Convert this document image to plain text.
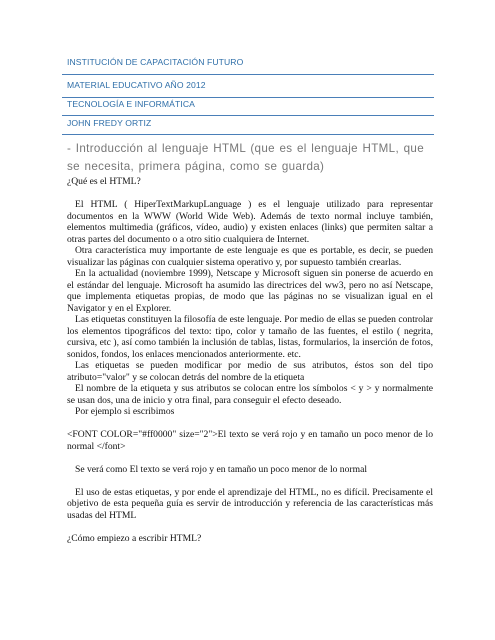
INSTITUCIÓN DE CAPACITACIÓN FUTURO
MATERIAL EDUCATIVO AÑO 2012
TECNOLOGÍA E INFORMÁTICA
JOHN FREDY ORTIZ
- Introducción al lenguaje HTML (que es el lenguaje HTML, que se necesita, primera página, como se guarda)

¿Qué es el HTML?

El HTML ( HiperTextMarkupLanguage ) es el lenguaje utilizado para representar documentos en la WWW (World Wide Web). Además de texto normal incluye también, elementos multimedia (gráficos, vídeo, audio) y existen enlaces (links) que permiten saltar a otras partes del documento o a otro sitio cualquiera de Internet.

Otra característica muy importante de este lenguaje es que es portable, es decir, se pueden visualizar las páginas con cualquier sistema operativo y, por supuesto también crearlas.

En la actualidad (noviembre 1999), Netscape y Microsoft siguen sin ponerse de acuerdo en el estándar del lenguaje. Microsoft ha asumido las directrices del ww3, pero no así Netscape, que implementa etiquetas propias, de modo que las páginas no se visualizan igual en el Navigator y en el Explorer.

Las etiquetas constituyen la filosofía de este lenguaje. Por medio de ellas se pueden controlar los elementos tipográficos del texto: tipo, color y tamaño de las fuentes, el estilo ( negrita, cursiva, etc ), así como también la inclusión de tablas, listas, formularios, la inserción de fotos, sonidos, fondos, los enlaces mencionados anteriormente. etc.

Las etiquetas se pueden modificar por medio de sus atributos, éstos son del tipo atributo="valor" y se colocan detrás del nombre de la etiqueta

El nombre de la etiqueta y sus atributos se colocan entre los símbolos < y > y normalmente se usan dos, una de inicio y otra final, para conseguir el efecto deseado.

Por ejemplo si escribimos

<FONT COLOR="#ff0000" size="2">El texto se verá rojo y en tamaño un poco menor de lo normal </font>

Se verá como El texto se verá rojo y en tamaño un poco menor de lo normal

El uso de estas etiquetas, y por ende el aprendizaje del HTML, no es difícil. Precisamente el objetivo de esta pequeña guía es servir de introducción y referencia de las características más usadas del HTML

¿Cómo empiezo a escribir HTML?
